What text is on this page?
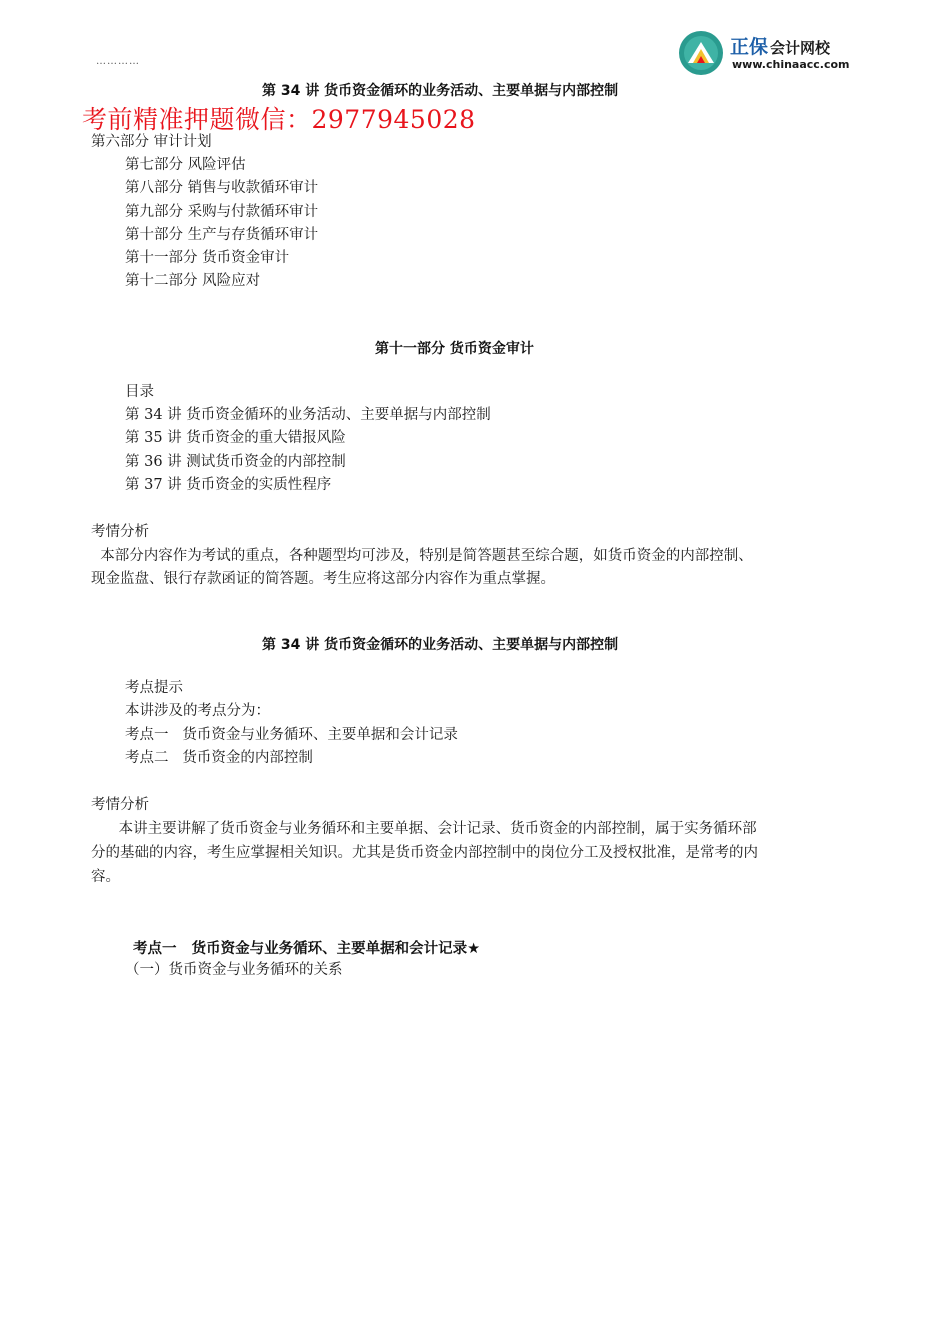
正保 会计网校
www.chinaacc.com
…………
第 34 讲 货币资金循环的业务活动、主要单据与内部控制
考前精准押题微信：2977945028
第六部分 审计计划
第七部分 风险评估
第八部分 销售与收款循环审计
第九部分 采购与付款循环审计
第十部分 生产与存货循环审计
第十一部分 货币资金审计
第十二部分 风险应对
第十一部分 货币资金审计
目录
第 34 讲 货币资金循环的业务活动、主要单据与内部控制
第 35 讲 货币资金的重大错报风险
第 36 讲 测试货币资金的内部控制
第 37 讲 货币资金的实质性程序
考情分析
本部分内容作为考试的重点，各种题型均可涉及，特别是简答题甚至综合题，如货币资金的内部控制、
现金监盘、银行存款函证的简答题。考生应将这部分内容作为重点掌握。
第 34 讲 货币资金循环的业务活动、主要单据与内部控制
考点提示
本讲涉及的考点分为：
考点一   货币资金与业务循环、主要单据和会计记录
考点二   货币资金的内部控制
考情分析
本讲主要讲解了货币资金与业务循环和主要单据、会计记录、货币资金的内部控制，属于实务循环部
分的基础的内容，考生应掌握相关知识。尤其是货币资金内部控制中的岗位分工及授权批准，是常考的内
容。
考点一   货币资金与业务循环、主要单据和会计记录★
（一）货币资金与业务循环的关系
